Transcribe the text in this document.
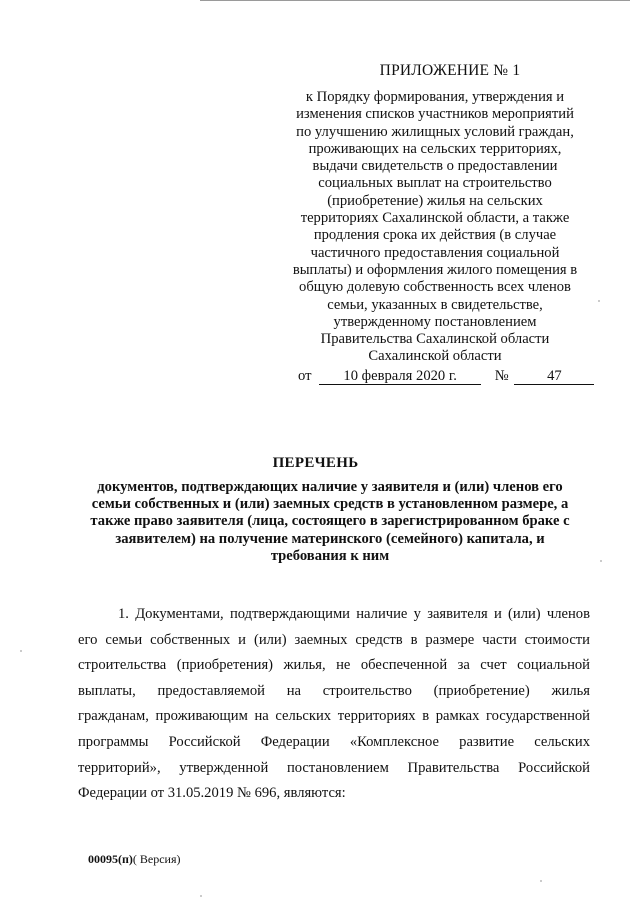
ПРИЛОЖЕНИЕ № 1
к Порядку формирования, утверждения и
изменения списков участников мероприятий
по улучшению жилищных условий граждан,
проживающих на сельских территориях,
выдачи свидетельств о предоставлении
социальных выплат на строительство
(приобретение) жилья на сельских
территориях Сахалинской области, а также
продления срока их действия (в случае
частичного предоставления социальной
выплаты) и оформления жилого помещения в
общую долевую собственность всех членов
семьи, указанных в свидетельстве,
утвержденному постановлением
Правительства Сахалинской области
Сахалинской области
от 10 февраля 2020 г.	№	47
ПЕРЕЧЕНЬ
документов, подтверждающих наличие у заявителя и (или) членов его
семьи собственных и (или) заемных средств в установленном размере, а
также право заявителя (лица, состоящего в зарегистрированном браке с
заявителем) на получение материнского (семейного) капитала, и
требования к ним
1. Документами, подтверждающими наличие у заявителя и (или) членов
его семьи собственных и (или) заемных средств в размере части стоимости
строительства (приобретения) жилья, не обеспеченной за счет социальной
выплаты, предоставляемой на строительство (приобретение) жилья
гражданам, проживающим на сельских территориях в рамках государственной
программы Российской Федерации «Комплексное развитие сельских
территорий», утвержденной постановлением Правительства Российской
Федерации от 31.05.2019 № 696, являются:
00095(п)( Версия)
